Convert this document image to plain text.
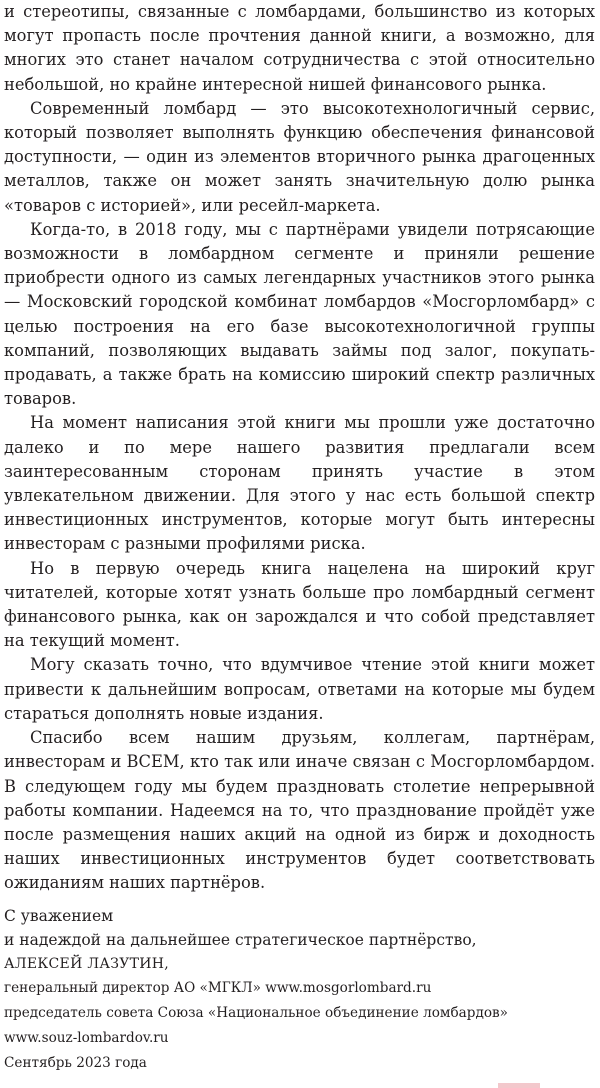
и стереотипы, связанные с ломбардами, большинство из которых могут пропасть после прочтения данной книги, а возможно, для многих это станет началом сотрудничества с этой относительно небольшой, но крайне интересной нишей финансового рынка.

Современный ломбард — это высокотехнологичный сервис, который позволяет выполнять функцию обеспечения финансовой доступности, — один из элементов вторичного рынка драгоценных металлов, также он может занять значительную долю рынка «товаров с историей», или ресейл-маркета.

Когда-то, в 2018 году, мы с партнёрами увидели потрясающие возможности в ломбардном сегменте и приняли решение приобрести одного из самых легендарных участников этого рынка — Московский городской комбинат ломбардов «Мосгорломбард» с целью построения на его базе высокотехнологичной группы компаний, позволяющих выдавать займы под залог, покупать-продавать, а также брать на комиссию широкий спектр различных товаров.

На момент написания этой книги мы прошли уже достаточно далеко и по мере нашего развития предлагали всем заинтересованным сторонам принять участие в этом увлекательном движении. Для этого у нас есть большой спектр инвестиционных инструментов, которые могут быть интересны инвесторам с разными профилями риска.

Но в первую очередь книга нацелена на широкий круг читателей, которые хотят узнать больше про ломбардный сегмент финансового рынка, как он зарождался и что собой представляет на текущий момент.

Могу сказать точно, что вдумчивое чтение этой книги может привести к дальнейшим вопросам, ответами на которые мы будем стараться дополнять новые издания.

Спасибо всем нашим друзьям, коллегам, партнёрам, инвесторам и ВСЕМ, кто так или иначе связан с Мосгорломбардом. В следующем году мы будем праздновать столетие непрерывной работы компании. Надеемся на то, что празднование пройдёт уже после размещения наших акций на одной из бирж и доходность наших инвестиционных инструментов будет соответствовать ожиданиям наших партнёров.

С уважением
и надеждой на дальнейшее стратегическое партнёрство,
АЛЕКСЕЙ ЛАЗУТИН,
генеральный директор АО «МГКЛ» www.mosgorlombard.ru
председатель совета Союза «Национальное объединение ломбардов»
www.souz-lombardov.ru
Сентябрь 2023 года
